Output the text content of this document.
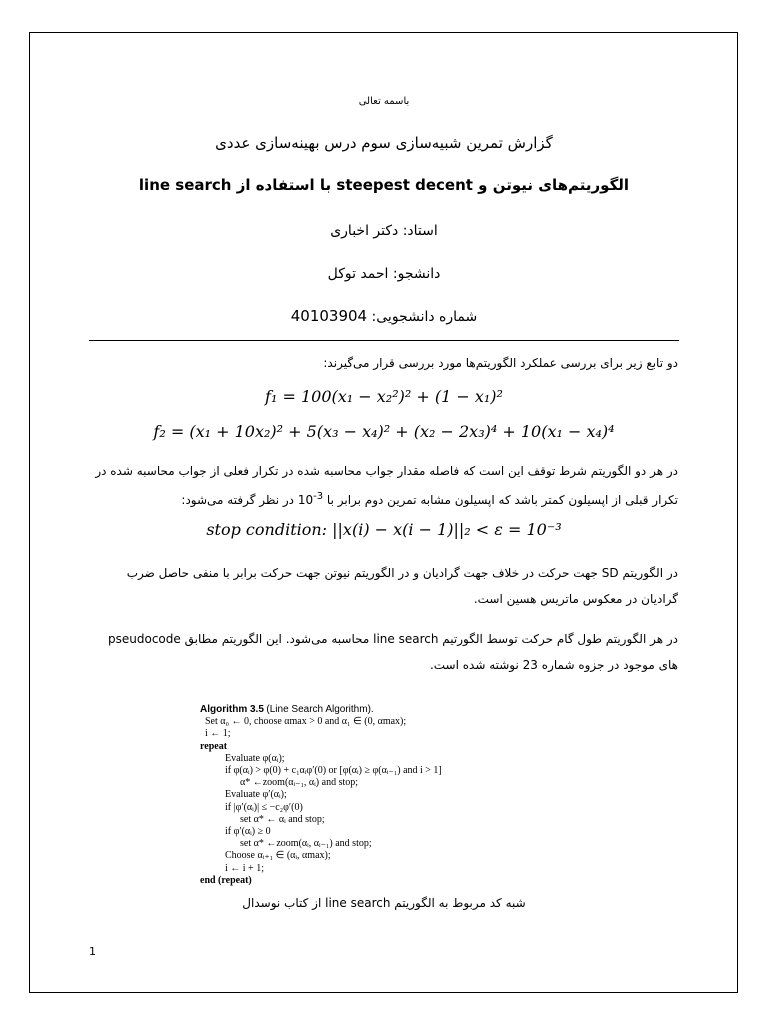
باسمه تعالی
گزارش تمرین شبیه‌سازی سوم درس بهینه‌سازی عددی
الگوریتم‌های نیوتن و steepest decent با استفاده از line search
استاد: دکتر اخباری
دانشجو: احمد توکل
شماره دانشجویی: 40103904
دو تابع زیر برای بررسی عملکرد الگوریتم‌ها مورد بررسی قرار می‌گیرند:
f₁ = 100(x₁ − x₂²)² + (1 − x₁)²
f₂ = (x₁ + 10x₂)² + 5(x₃ − x₄)² + (x₂ − 2x₃)⁴ + 10(x₁ − x₄)⁴
در هر دو الگوریتم شرط توقف این است که فاصله مقدار جواب محاسبه شده در تکرار فعلی از جواب محاسبه شده در تکرار قبلی از اپسیلون کمتر باشد که اپسیلون مشابه تمرین دوم برابر با $10^{-3}$ در نظر گرفته می‌شود:
stop condition: ||x(i) − x(i − 1)||₂ < ε = 10⁻³
در الگوریتم SD جهت حرکت در خلاف جهت گرادیان و در الگوریتم نیوتن جهت حرکت برابر با منفی حاصل ضرب گرادیان در معکوس ماتریس هسین است.
در هر الگوریتم طول گام حرکت توسط الگورتیم line search محاسبه می‌شود. این الگوریتم مطابق pseudocode های موجود در جزوه شماره 23 نوشته شده است.
Algorithm 3.5 (Line Search Algorithm).
Set α₀ ← 0, choose αmax > 0 and α₁ ∈ (0, αmax);
i ← 1;
repeat
Evaluate φ(αᵢ);
if φ(αᵢ) > φ(0) + c₁αᵢφ′(0) or [φ(αᵢ) ≥ φ(αᵢ₋₁) and i > 1]
α* ←zoom(αᵢ₋₁, αᵢ) and stop;
Evaluate φ′(αᵢ);
if |φ′(αᵢ)| ≤ −c₂φ′(0)
set α* ← αᵢ and stop;
if φ′(αᵢ) ≥ 0
set α* ←zoom(αᵢ, αᵢ₋₁) and stop;
Choose αᵢ₊₁ ∈ (αᵢ, αmax);
i ← i + 1;
end (repeat)
شبه کد مربوط به الگوریتم line search از کتاب نوسدال
1
